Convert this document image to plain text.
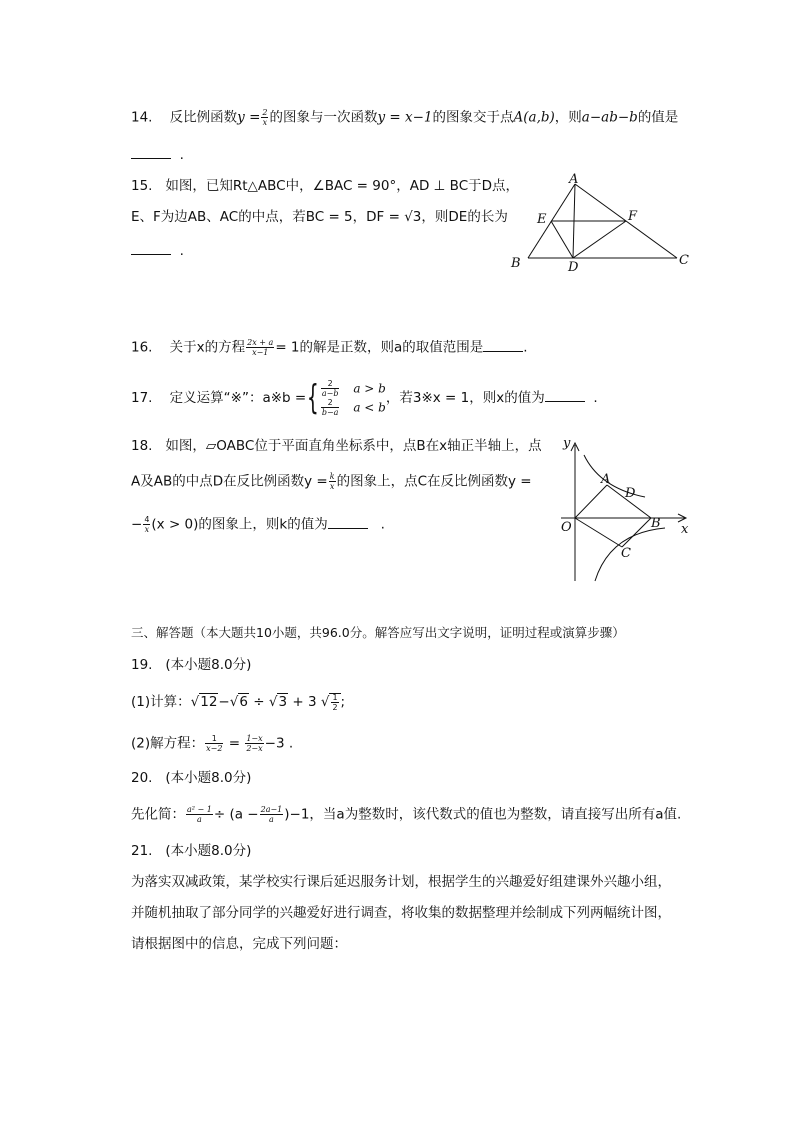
14. 反比例函数$y = \frac{2}{x}$ 的图象与一次函数y = x−1的图象交于点A(a,b)，则a−ab−b的值是
.
15. 如图，已知Rt△ABC中，∠BAC = 90°，AD ⊥ BC于D点，
E、F为边AB、AC的中点，若BC = 5，DF = √3，则DE的长为
.
A
B	C
D
E	F
16. 关于x的方程 $\frac{2x + a}{x-1} = 1$的解是正数，则a的取值范围是	.
17. 定义运算“※”：a※b ={ $\frac{2}{a-b}$ a > b
$\frac{2}{b-a}$ a < b
，若3※x = 1，则x的值为	.
18. 如图，▱OABC位于平面直角坐标系中，点B在x轴正半轴上，点
A及AB的中点D在反比例函数$y = \frac{k}{x}$ 的图象上，点C在反比例函数y =
− $\frac{4}{x} (x > 0)$的图象上，则k的值为	.
y
x
O
A
D
B
C
三、解答题（本大题共10小题，共96.0分。解答应写出文字说明，证明过程或演算步骤）
19. (本小题8.0分)
(1)计算：√12−√6 ÷ √3 + 3 √ $\frac{1}{2}$ ;
(2)解方程： $\frac{1}{x-2} = \frac{1-x}{2-x} -3$ .
20. (本小题8.0分)
先化简： $\frac{\text{a² − 1}}{a} \div (a - \frac{2a-1}{a} )-1$，当a为整数时，该代数式的值也为整数，请直接写出所有a值.
21. (本小题8.0分)
为落实双减政策，某学校实行课后延迟服务计划，根据学生的兴趣爱好组建课外兴趣小组，
并随机抽取了部分同学的兴趣爱好进行调查，将收集的数据整理并绘制成下列两幅统计图，
请根据图中的信息，完成下列问题：
